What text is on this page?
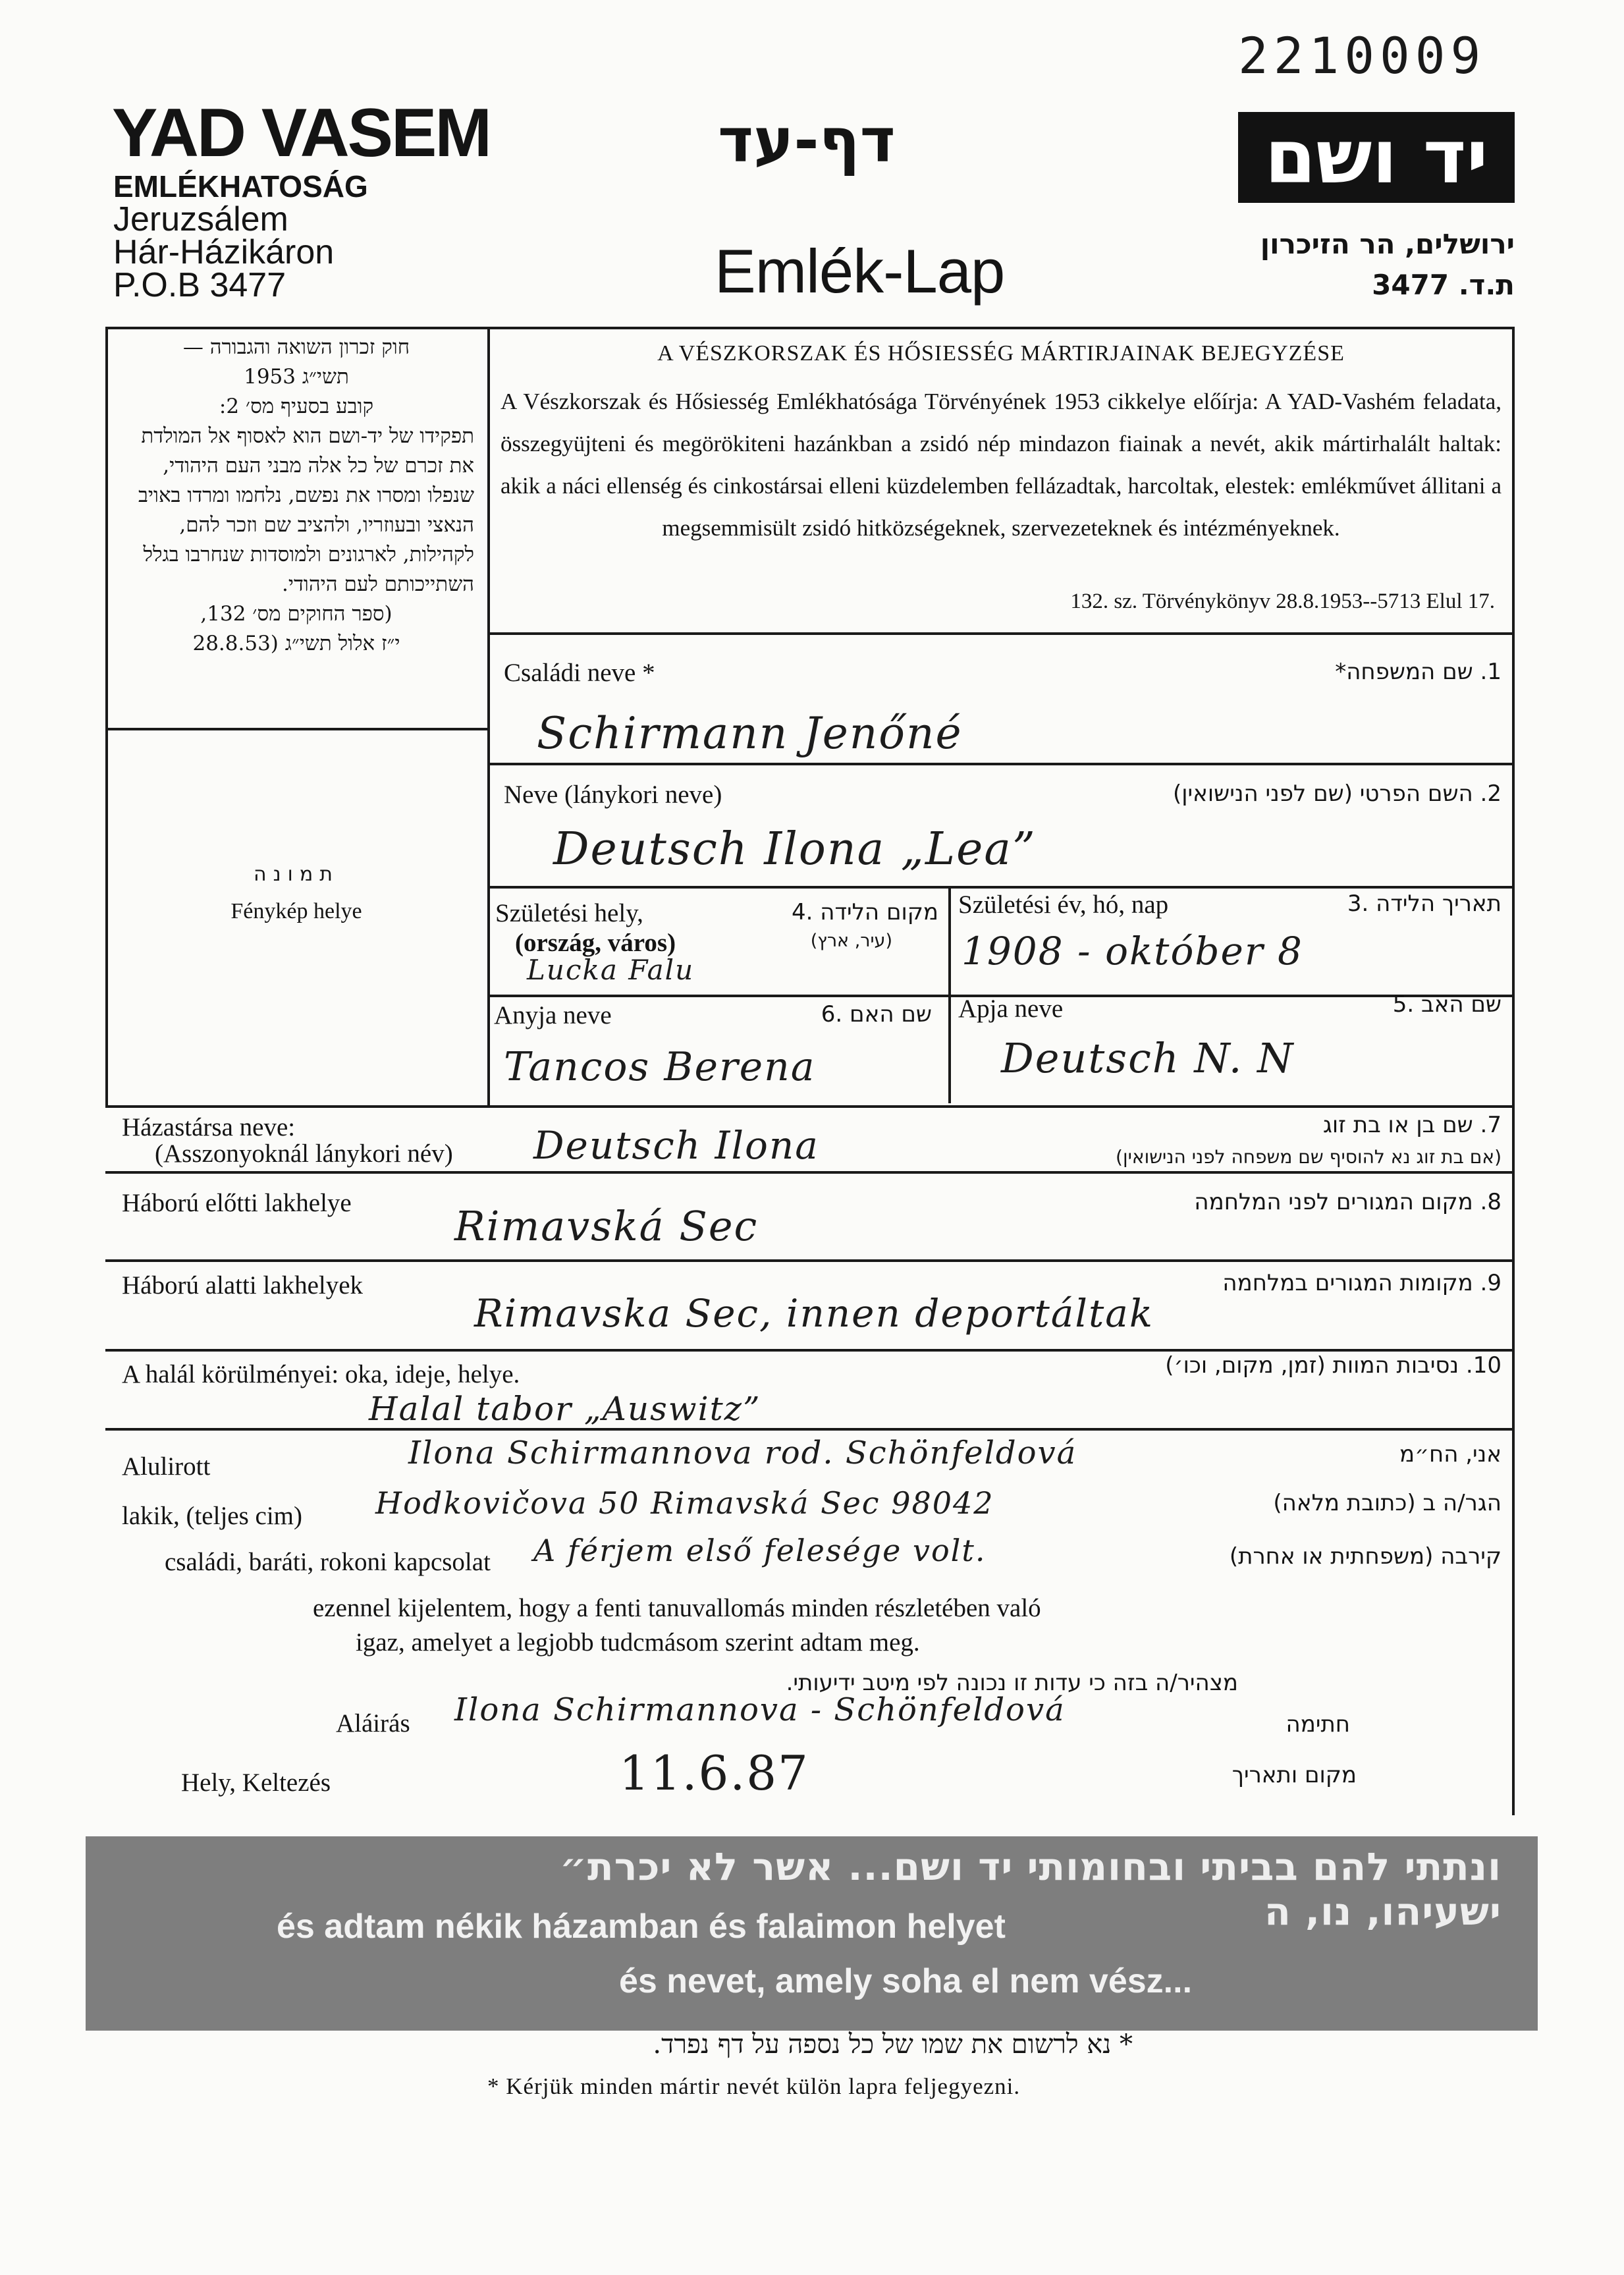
2210009
YAD VASEM
EMLÉKHATOSÁG
Jeruzsálem
Hár-Házikáron
P.O.B 3477
דף-עד
Emlék-Lap
יד ושם
ירושלים, הר הזיכרון
ת.ד. 3477
חוק זכרון השואה והגבורה —
תשי״ג 1953
קובע בסעיף מס׳ 2:
תפקידו של יד-ושם הוא לאסוף אל המולדת את זכרם של כל אלה מבני העם היהודי, שנפלו ומסרו את נפשם, נלחמו ומרדו באויב הנאצי ובעוזריו, ולהציב שם וזכר להם, לקהילות, לארגונים ולמוסדות שנחרבו בגלל השתייכותם לעם היהודי.
(ספר החוקים מס׳ 132,
י״ז אלול תשי״ג (28.8.53
תמונה
Fénykép helye
A VÉSZKORSZAK ÉS HŐSIESSÉG MÁRTIRJAINAK BEJEGYZÉSE
A Vészkorszak és Hősiesség Emlékhatósága Törvényének 1953 cikkelye előírja: A YAD-Vashém feladata, összegyüjteni és megörökiteni hazánkban a zsidó nép mindazon fiainak a nevét, akik mártirhalált haltak: akik a náci ellenség és cinkostársai elleni küzdelemben fellázadtak, harcoltak, elestek: emlékművet állitani a megsemmisült zsidó hitközségeknek, szervezeteknek és intézményeknek.
132. sz. Törvénykönyv 28.8.1953--5713 Elul 17.
Családi neve *	1. שם המשפחה*
Schirmann Jenőné
Neve (lánykori neve)	2. השם הפרטי (שם לפני הנישואין)
Deutsch Ilona „Lea”
Születési hely,	מקום הלידה .4
(ország, város)	(עיר, ארץ)
Lucka Falu
Születési év, hó, nap	תאריך הלידה .3
1908 - október 8
Anyja neve	שם האם .6
Tancos Berena
Apja neve	שם האב .5
Deutsch N. N
Házastársa neve:
(Asszonyoknál lánykori név)
7. שם בן או בת זוג
(אם בת זוג נא להוסיף שם משפחה לפני הנישואין)
Deutsch Ilona
Háború előtti lakhelye	8. מקום המגורים לפני המלחמה
Rimavská Sec
Háború alatti lakhelyek	9. מקומות המגורים במלחמה
Rimavska Sec, innen deportáltak
A halál körülményei: oka, ideje, helye.	10. נסיבות המוות (זמן, מקום, וכו׳)
Halal tabor „Auswitz”
Alulirott	Ilona Schirmannova rod. Schönfeldová	אני, הח״מ
lakik, (teljes cim) Hodkovičova 50 Rimavská Sec 98042	הגר/ה ב (כתובת מלאה)
családi, baráti, rokoni kapcsolat A férjem első felesége volt.	קירבה (משפחתית או אחרת)
ezennel kijelentem, hogy a fenti tanuvallomás minden részletében való
igaz, amelyet a legjobb tudcmásom szerint adtam meg.
מצהיר/ה בזה כי עדות זו נכונה לפי מיטב ידיעותי.
Aláirás Ilona Schirmannova - Schönfeldová	חתימה
Hely, Keltezés	11.6.87	מקום ותאריך
ונתתי להם בביתי ובחומותי יד ושם... אשר לא יכרת״ ישעיהו, נו, ה
és adtam nékik házamban és falaimon helyet
és nevet, amely soha el nem vész...
* נא לרשום את שמו של כל נספה על דף נפרד.
* Kérjük minden mártir nevét külön lapra feljegyezni.
